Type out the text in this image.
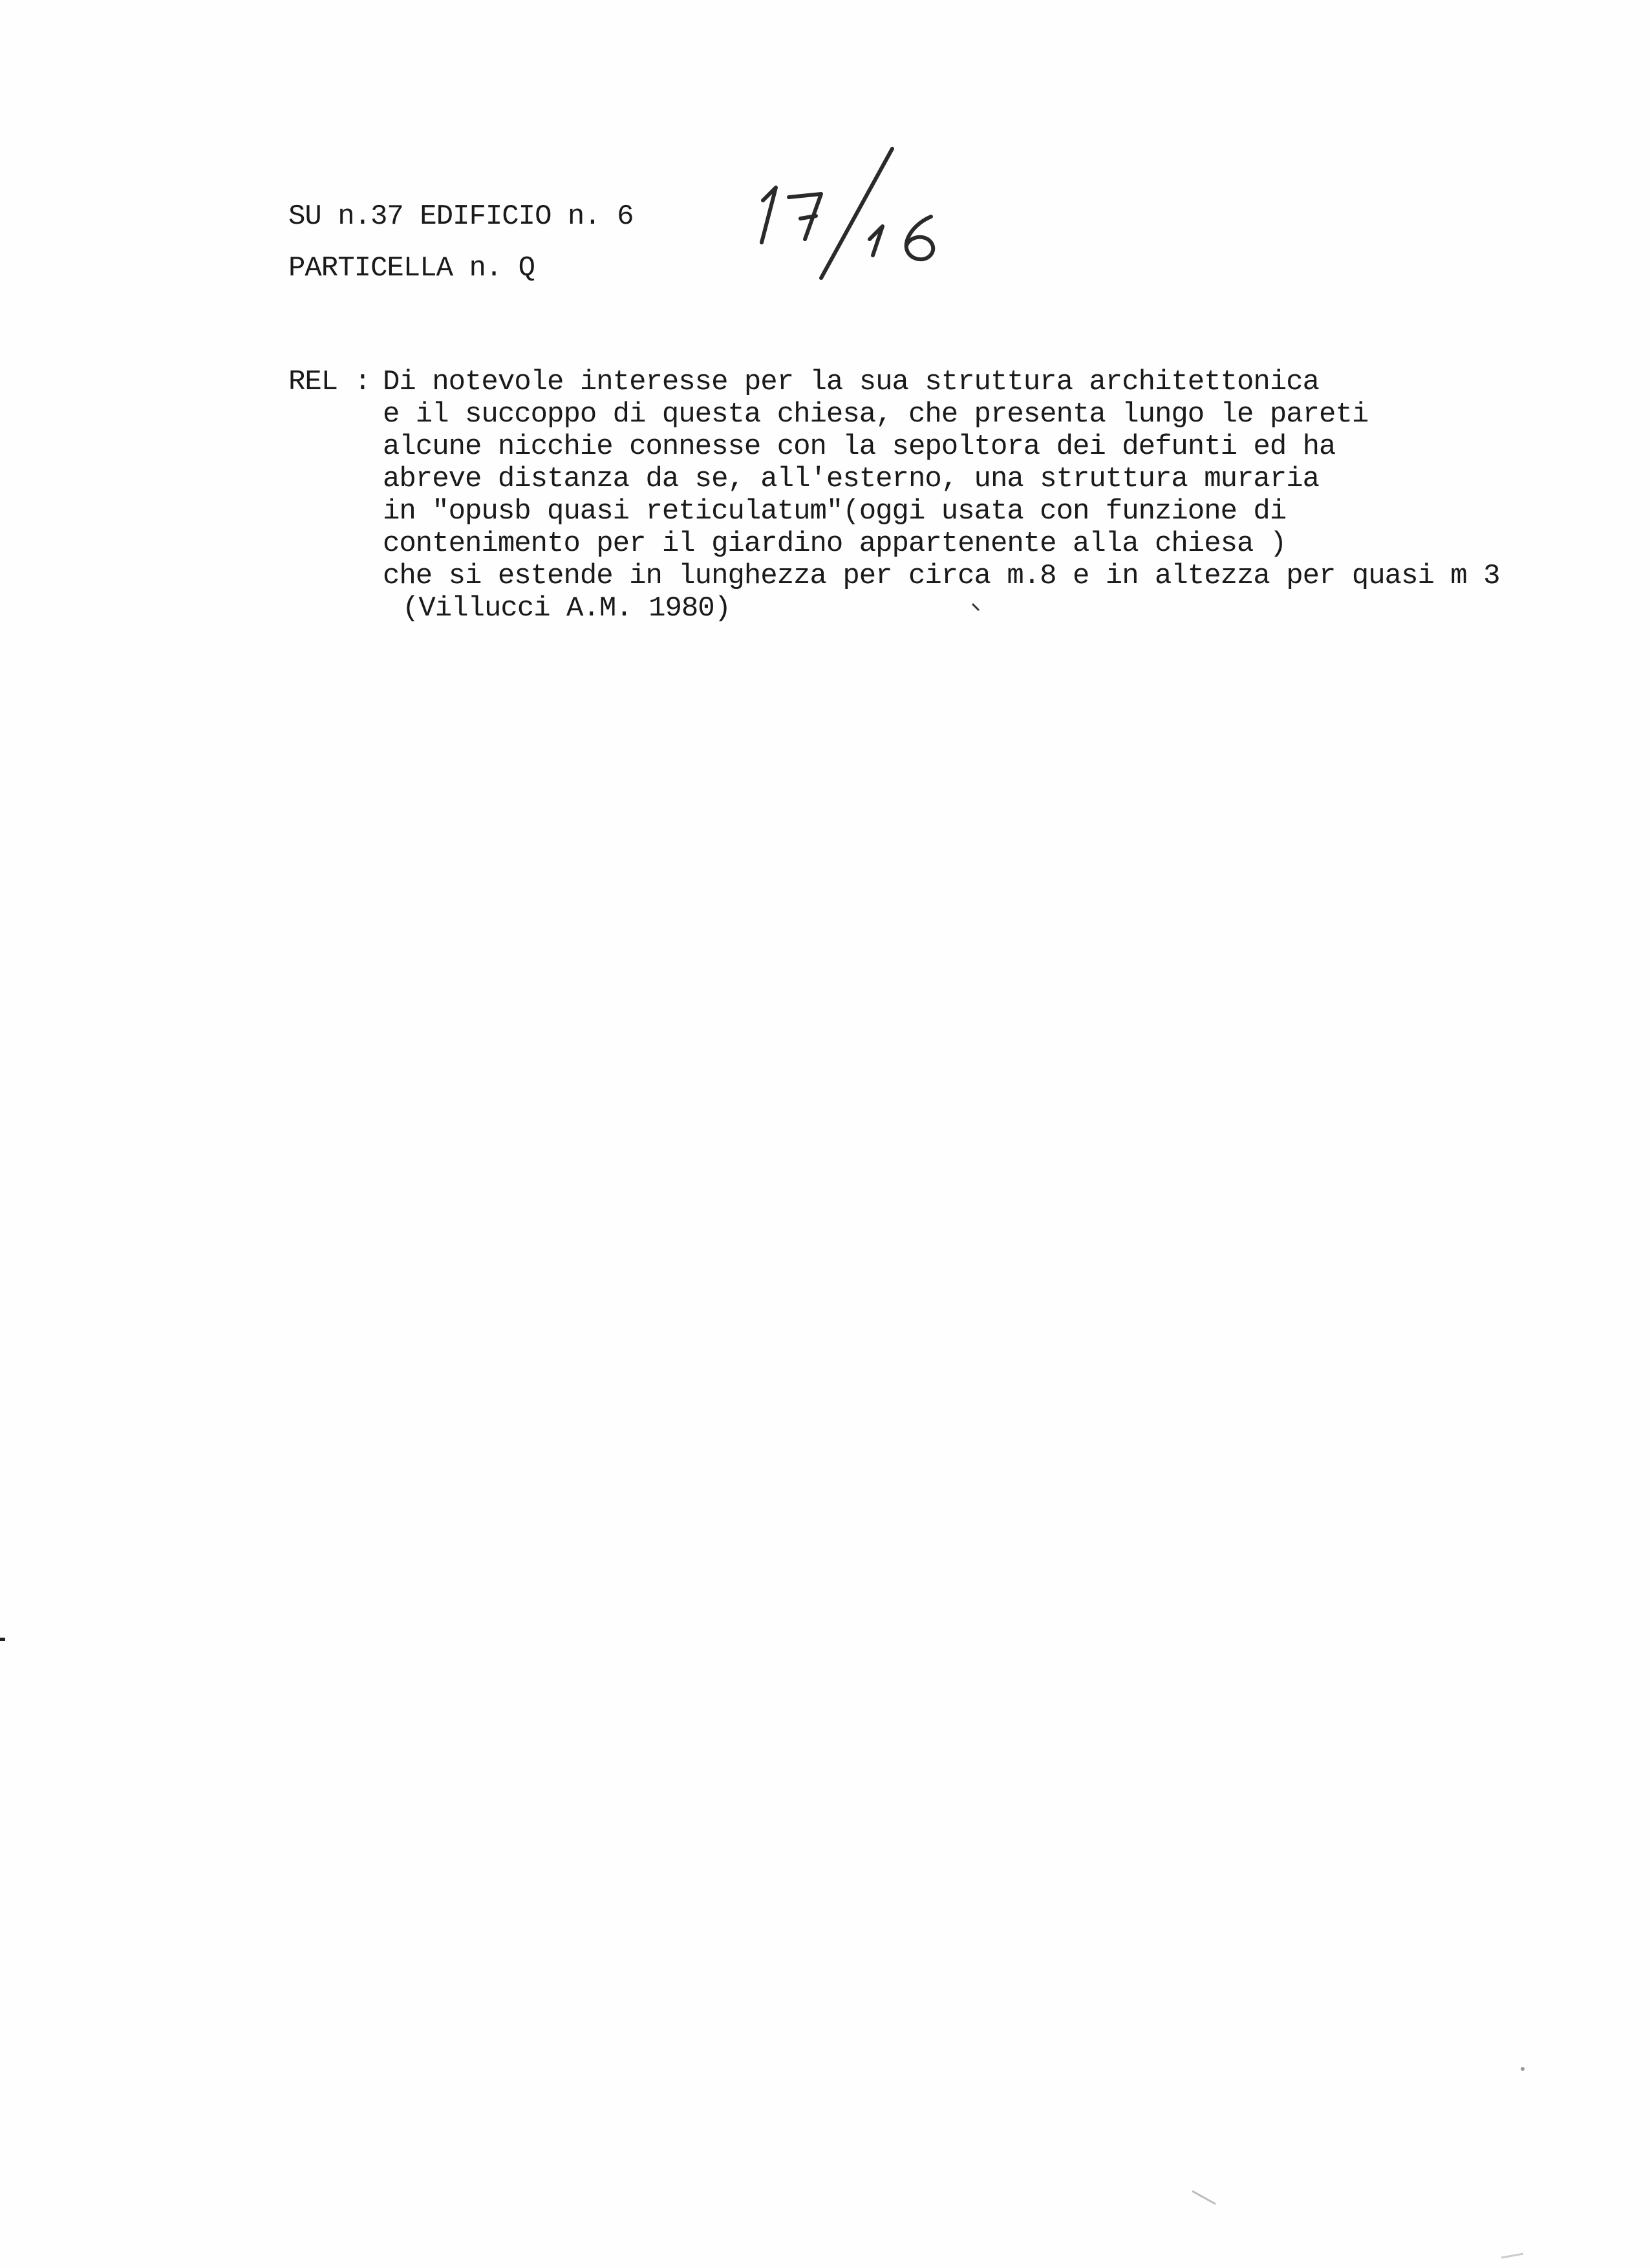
SU n.37 EDIFICIO n. 6
PARTICELLA n. Q
REL : Di notevole interesse per la sua struttura architettonica
e il succoppo di questa chiesa, che presenta lungo le pareti
alcune nicchie connesse con la sepoltora dei defunti ed ha
abreve distanza da se, all'esterno, una struttura muraria
in "opusb quasi reticulatum"(oggi usata con funzione di
contenimento per il giardino appartenente alla chiesa )
che si estende in lunghezza per circa m.8 e in altezza per quasi m 3
(Villucci A.M. 1980)
